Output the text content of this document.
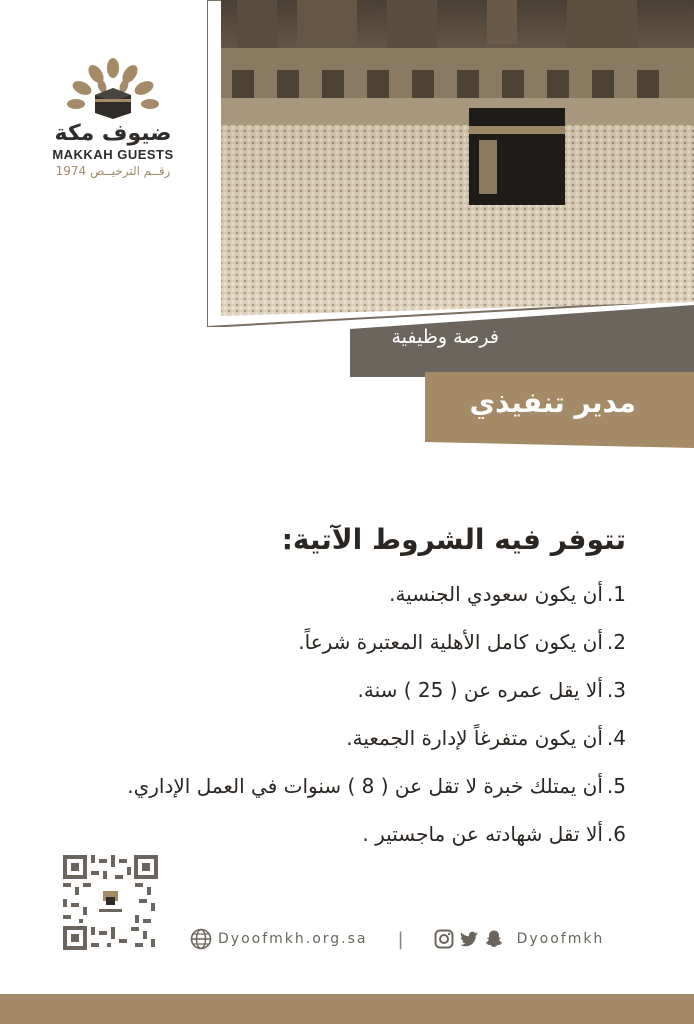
ضيوف مكة
MAKKAH GUESTS
رقــم الترخيــص 1974
فرصة وظيفية
مدير تنفيذي
تتوفر فيه الشروط الآتية:
1.أن يكون سعودي الجنسية.
2.أن يكون كامل الأهلية المعتبرة شرعاً.
3.ألا يقل عمره عن ( 25 ) سنة.
4.أن يكون متفرغاً لإدارة الجمعية.
5.أن يمتلك خبرة لا تقل عن ( 8 ) سنوات في العمل الإداري.
6.ألا تقل شهادته عن ماجستير .
Dyoofmkh.org.sa |	Dyoofmkh
